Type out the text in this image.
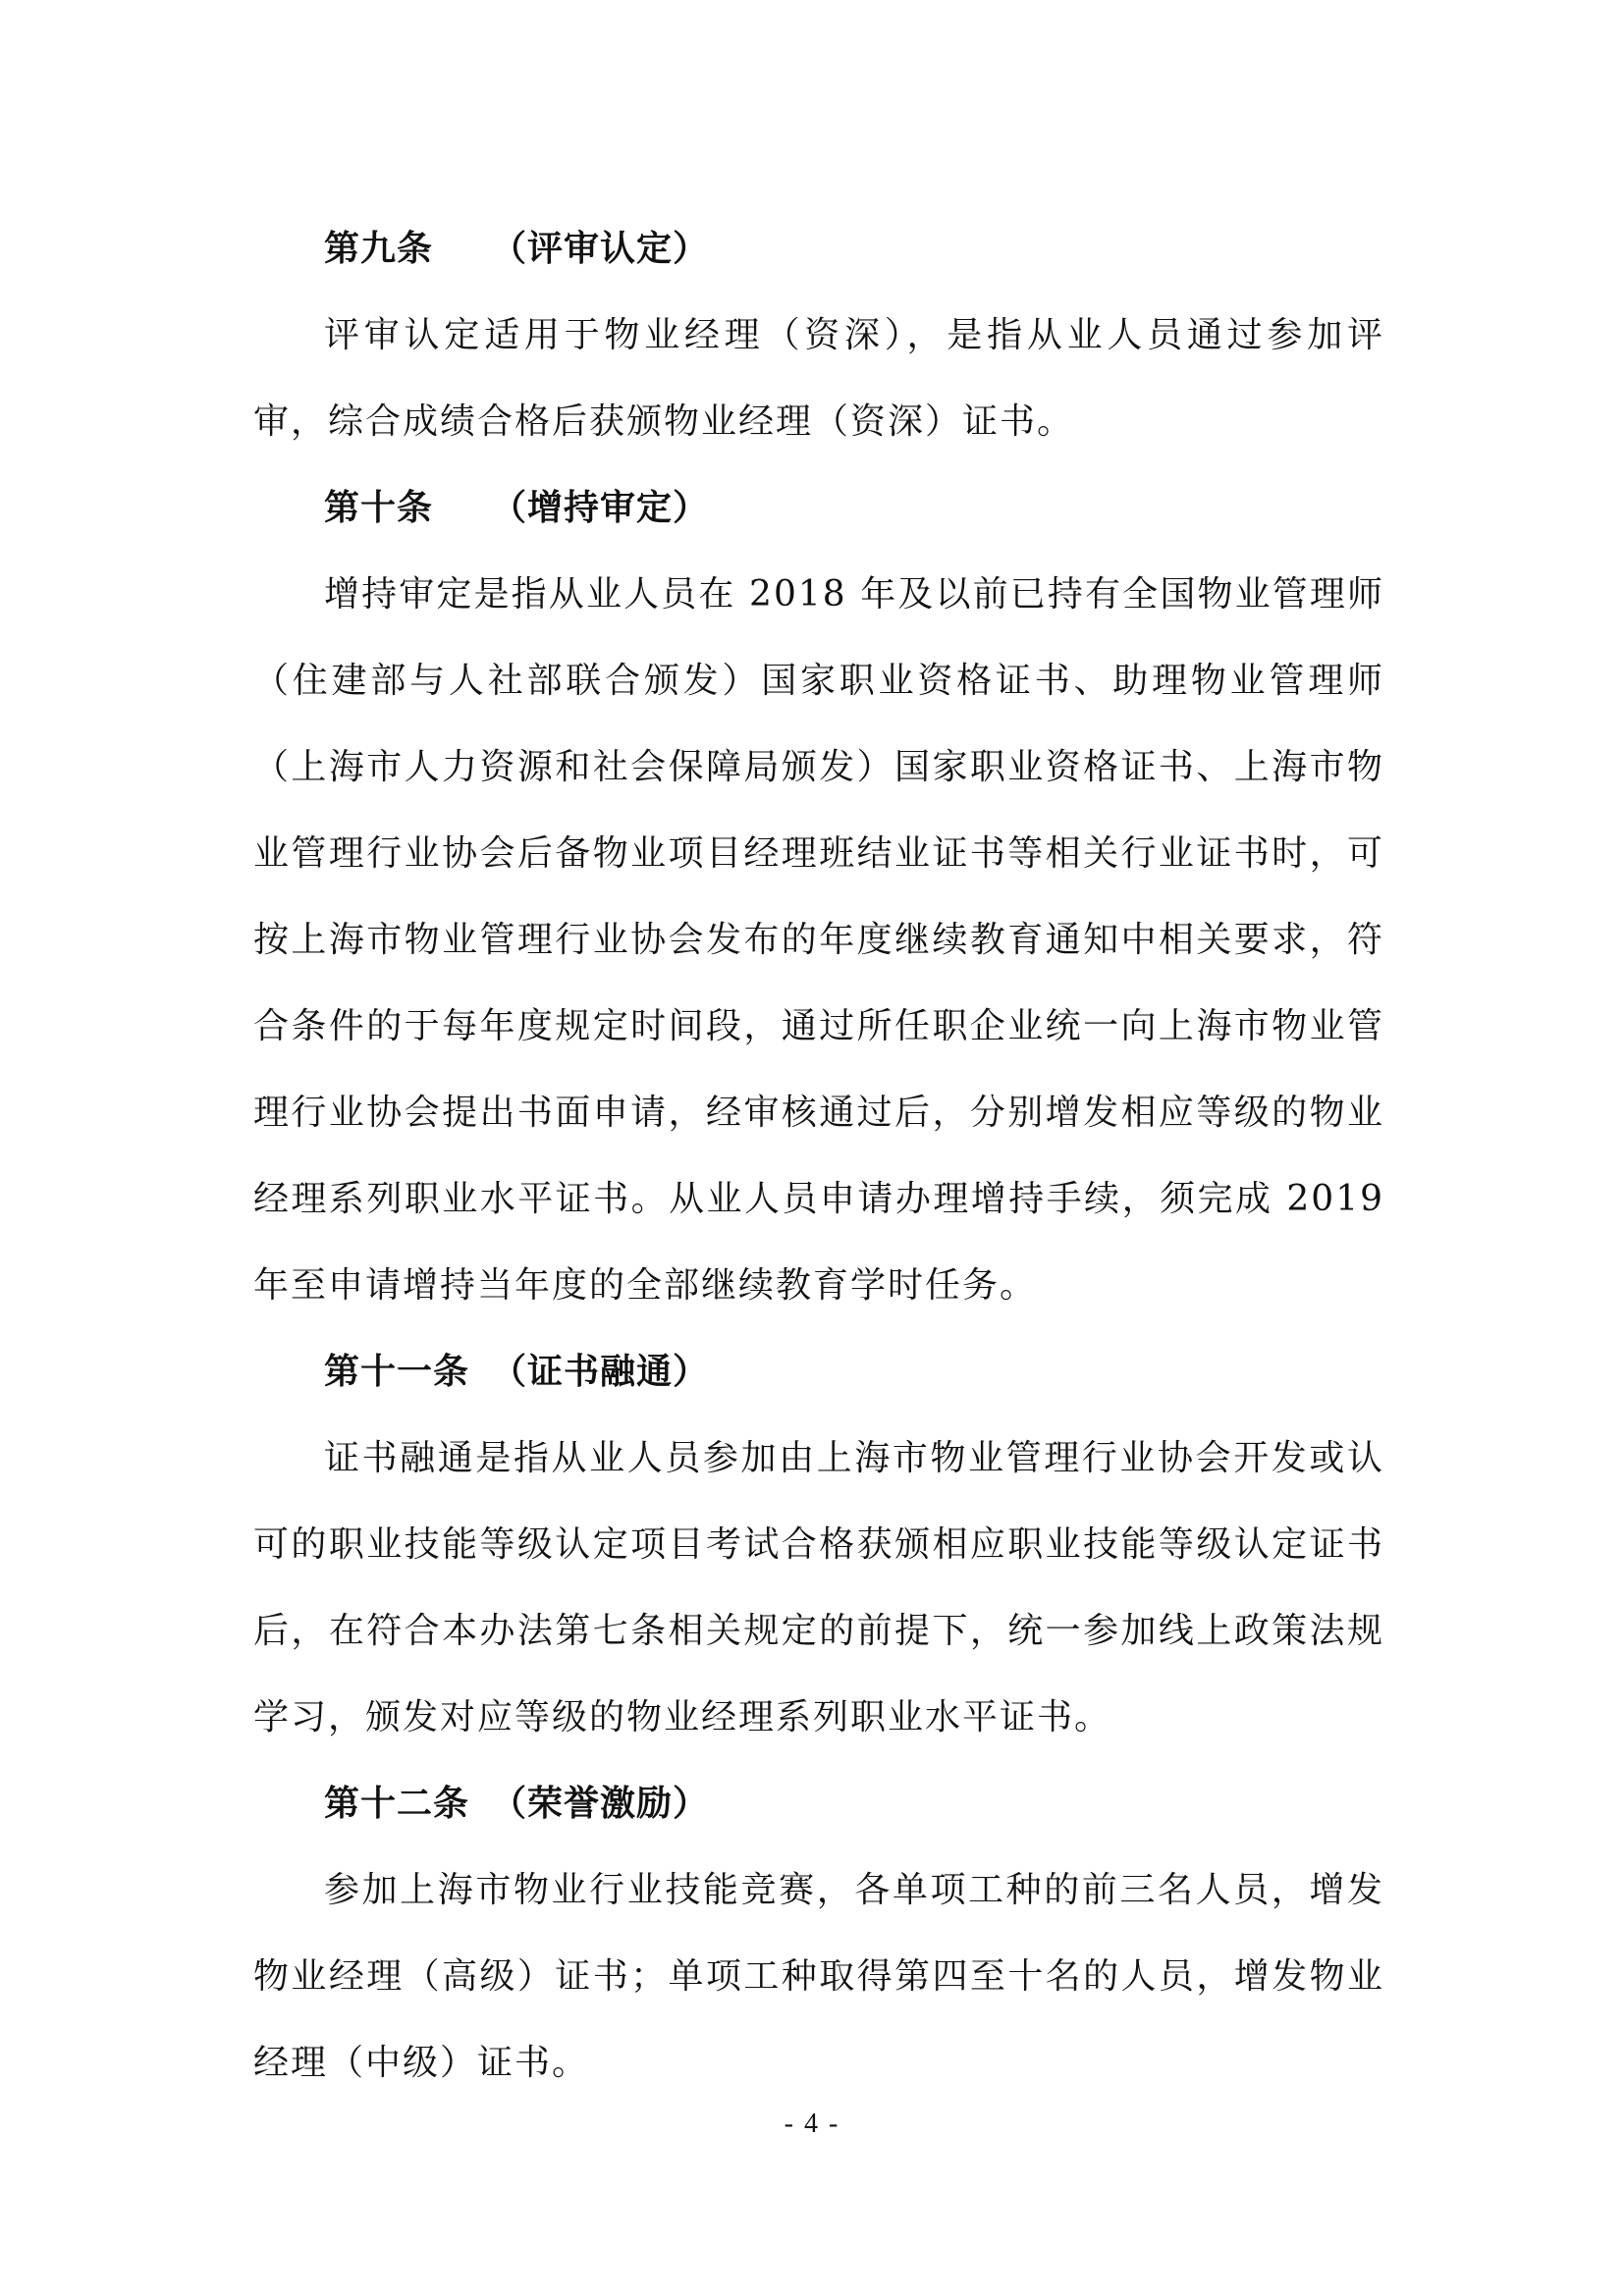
第九条 （评审认定）

评审认定适用于物业经理（资深），是指从业人员通过参加评审，综合成绩合格后获颁物业经理（资深）证书。

第十条 （增持审定）

增持审定是指从业人员在 2018 年及以前已持有全国物业管理师（住建部与人社部联合颁发）国家职业资格证书、助理物业管理师（上海市人力资源和社会保障局颁发）国家职业资格证书、上海市物业管理行业协会后备物业项目经理班结业证书等相关行业证书时，可按上海市物业管理行业协会发布的年度继续教育通知中相关要求，符合条件的于每年度规定时间段，通过所任职企业统一向上海市物业管理行业协会提出书面申请，经审核通过后，分别增发相应等级的物业经理系列职业水平证书。从业人员申请办理增持手续，须完成 2019 年至申请增持当年度的全部继续教育学时任务。

第十一条 （证书融通）

证书融通是指从业人员参加由上海市物业管理行业协会开发或认可的职业技能等级认定项目考试合格获颁相应职业技能等级认定证书后，在符合本办法第七条相关规定的前提下，统一参加线上政策法规学习，颁发对应等级的物业经理系列职业水平证书。

第十二条 （荣誉激励）

参加上海市物业行业技能竞赛，各单项工种的前三名人员，增发物业经理（高级）证书；单项工种取得第四至十名的人员，增发物业经理（中级）证书。

- 4 -
